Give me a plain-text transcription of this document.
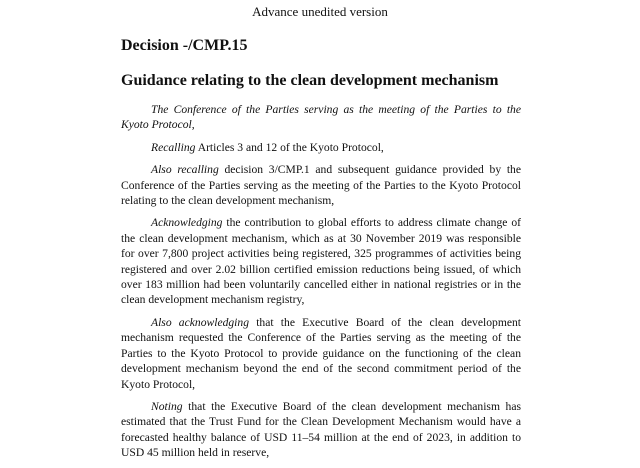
Advance unedited version
Decision -/CMP.15
Guidance relating to the clean development mechanism

The Conference of the Parties serving as the meeting of the Parties to the Kyoto Protocol,

Recalling Articles 3 and 12 of the Kyoto Protocol,

Also recalling decision 3/CMP.1 and subsequent guidance provided by the Conference of the Parties serving as the meeting of the Parties to the Kyoto Protocol relating to the clean development mechanism,

Acknowledging the contribution to global efforts to address climate change of the clean development mechanism, which as at 30 November 2019 was responsible for over 7,800 project activities being registered, 325 programmes of activities being registered and over 2.02 billion certified emission reductions being issued, of which over 183 million had been voluntarily cancelled either in national registries or in the clean development mechanism registry,

Also acknowledging that the Executive Board of the clean development mechanism requested the Conference of the Parties serving as the meeting of the Parties to the Kyoto Protocol to provide guidance on the functioning of the clean development mechanism beyond the end of the second commitment period of the Kyoto Protocol,

Noting that the Executive Board of the clean development mechanism has estimated that the Trust Fund for the Clean Development Mechanism would have a forecasted healthy balance of USD 11–54 million at the end of 2023, in addition to USD 45 million held in reserve,
